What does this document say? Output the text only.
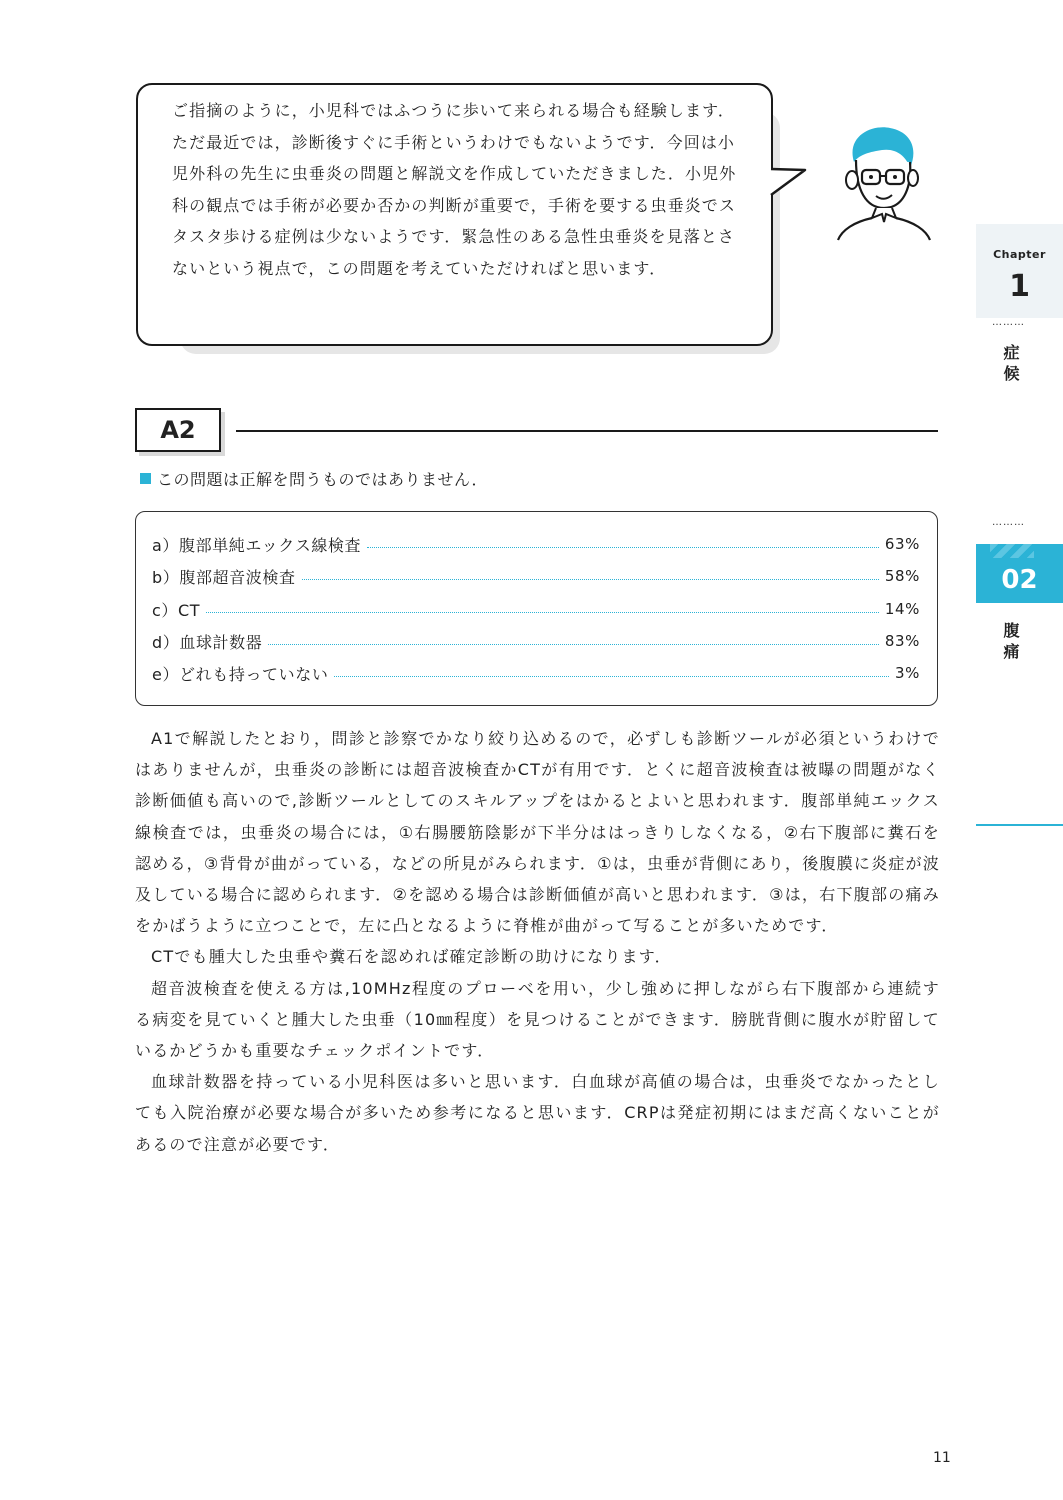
ご指摘のように，小児科ではふつうに歩いて来られる場合も経験します．ただ最近では，診断後すぐに手術というわけでもないようです．今回は小児外科の先生に虫垂炎の問題と解説文を作成していただきました．小児外科の観点では手術が必要か否かの判断が重要で，手術を要する虫垂炎でスタスタ歩ける症例は少ないようです．緊急性のある急性虫垂炎を見落とさないという視点で，この問題を考えていただければと思います．

Chapter
1
………
症
候
………
02
腹
痛
A2
この問題は正解を問うものではありません．
a）腹部単純エックス線検査	63%
b）腹部超音波検査	58%
c）CT	14%
d）血球計数器	83%
e）どれも持っていない	3%

A1で解説したとおり，問診と診察でかなり絞り込めるので，必ずしも診断ツールが必須というわけではありませんが，虫垂炎の診断には超音波検査かCTが有用です．とくに超音波検査は被曝の問題がなく診断価値も高いので,診断ツールとしてのスキルアップをはかるとよいと思われます．腹部単純エックス線検査では，虫垂炎の場合には，①右腸腰筋陰影が下半分ははっきりしなくなる，②右下腹部に糞石を認める，③背骨が曲がっている，などの所見がみられます．①は，虫垂が背側にあり，後腹膜に炎症が波及している場合に認められます．②を認める場合は診断価値が高いと思われます．③は，右下腹部の痛みをかばうように立つことで，左に凸となるように脊椎が曲がって写ることが多いためです．

CTでも腫大した虫垂や糞石を認めれば確定診断の助けになります．

超音波検査を使える方は,10MHz程度のプローベを用い，少し強めに押しながら右下腹部から連続する病変を見ていくと腫大した虫垂（10㎜程度）を見つけることができます．膀胱背側に腹水が貯留しているかどうかも重要なチェックポイントです．

血球計数器を持っている小児科医は多いと思います．白血球が高値の場合は，虫垂炎でなかったとしても入院治療が必要な場合が多いため参考になると思います．CRPは発症初期にはまだ高くないことがあるので注意が必要です．

11
